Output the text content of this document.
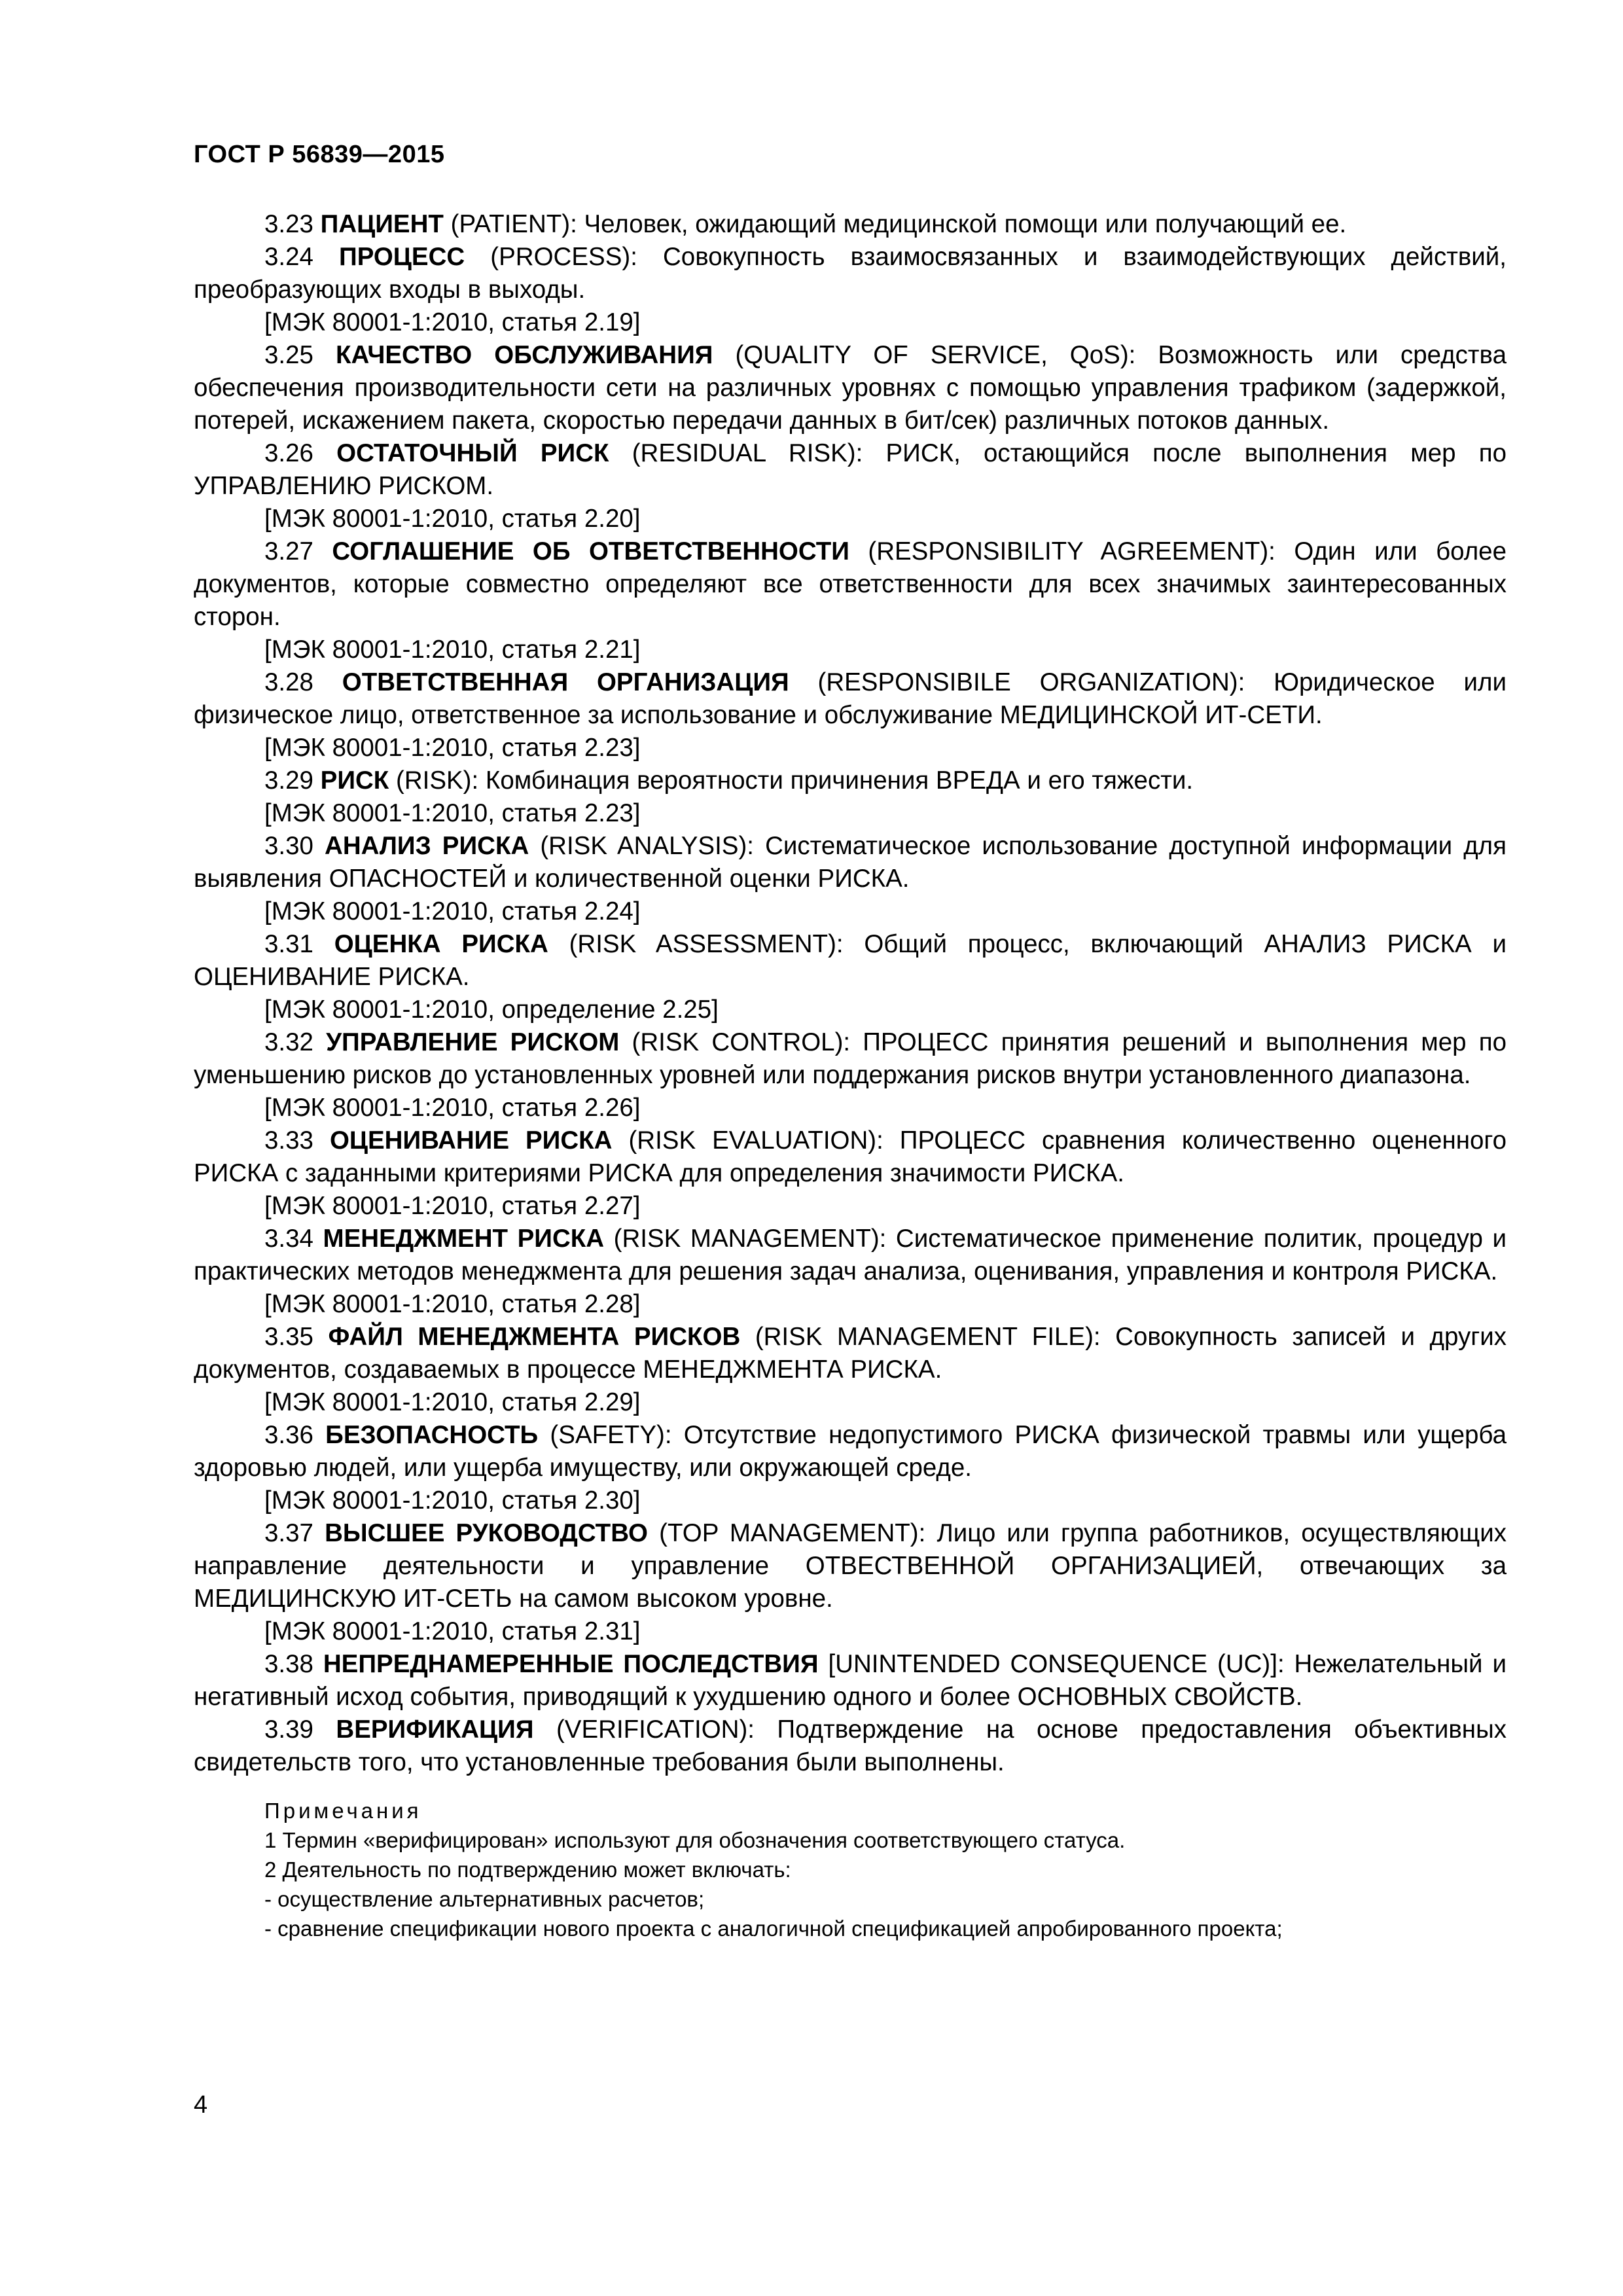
ГОСТ Р 56839—2015

3.23 ПАЦИЕНТ (PATIENT): Человек, ожидающий медицинской помощи или получающий ее.

3.24 ПРОЦЕСС (PROCESS): Совокупность взаимосвязанных и взаимодействующих действий, преобразующих входы в выходы.

[МЭК 80001-1:2010, статья 2.19]

3.25 КАЧЕСТВО ОБСЛУЖИВАНИЯ (QUALITY OF SERVICE, QoS): Возможность или средства обеспечения производительности сети на различных уровнях с помощью управления трафиком (задержкой, потерей, искажением пакета, скоростью передачи данных в бит/сек) различных потоков данных.

3.26 ОСТАТОЧНЫЙ РИСК (RESIDUAL RISK): РИСК, остающийся после выполнения мер по УПРАВЛЕНИЮ РИСКОМ.

[МЭК 80001-1:2010, статья 2.20]

3.27 СОГЛАШЕНИЕ ОБ ОТВЕТСТВЕННОСТИ (RESPONSIBILITY AGREEMENT): Один или более документов, которые совместно определяют все ответственности для всех значимых заинтересованных сторон.

[МЭК 80001-1:2010, статья 2.21]

3.28 ОТВЕТСТВЕННАЯ ОРГАНИЗАЦИЯ (RESPONSIBILE ORGANIZATION): Юридическое или физическое лицо, ответственное за использование и обслуживание МЕДИЦИНСКОЙ ИТ-СЕТИ.

[МЭК 80001-1:2010, статья 2.23]

3.29 РИСК (RISK): Комбинация вероятности причинения ВРЕДА и его тяжести.

[МЭК 80001-1:2010, статья 2.23]

3.30 АНАЛИЗ РИСКА (RISK ANALYSIS): Систематическое использование доступной информации для выявления ОПАСНОСТЕЙ и количественной оценки РИСКА.

[МЭК 80001-1:2010, статья 2.24]

3.31 ОЦЕНКА РИСКА (RISK ASSESSMENT): Общий процесс, включающий АНАЛИЗ РИСКА и ОЦЕНИВАНИЕ РИСКА.

[МЭК 80001-1:2010, определение 2.25]

3.32 УПРАВЛЕНИЕ РИСКОМ (RISK CONTROL): ПРОЦЕСС принятия решений и выполнения мер по уменьшению рисков до установленных уровней или поддержания рисков внутри установленного диапазона.

[МЭК 80001-1:2010, статья 2.26]

3.33 ОЦЕНИВАНИЕ РИСКА (RISK EVALUATION): ПРОЦЕСС сравнения количественно оцененного РИСКА с заданными критериями РИСКА для определения значимости РИСКА.

[МЭК 80001-1:2010, статья 2.27]

3.34 МЕНЕДЖМЕНТ РИСКА (RISK MANAGEMENT): Систематическое применение политик, процедур и практических методов менеджмента для решения задач анализа, оценивания, управления и контроля РИСКА.

[МЭК 80001-1:2010, статья 2.28]

3.35 ФАЙЛ МЕНЕДЖМЕНТА РИСКОВ (RISK MANAGEMENT FILE): Совокупность записей и других документов, создаваемых в процессе МЕНЕДЖМЕНТА РИСКА.

[МЭК 80001-1:2010, статья 2.29]

3.36 БЕЗОПАСНОСТЬ (SAFETY): Отсутствие недопустимого РИСКА физической травмы или ущерба здоровью людей, или ущерба имуществу, или окружающей среде.

[МЭК 80001-1:2010, статья 2.30]

3.37 ВЫСШЕЕ РУКОВОДСТВО (TOP MANAGEMENT): Лицо или группа работников, осуществляющих направление деятельности и управление ОТВЕСТВЕННОЙ ОРГАНИЗАЦИЕЙ, отвечающих за МЕДИЦИНСКУЮ ИТ-СЕТЬ на самом высоком уровне.

[МЭК 80001-1:2010, статья 2.31]

3.38 НЕПРЕДНАМЕРЕННЫЕ ПОСЛЕДСТВИЯ [UNINTENDED CONSEQUENCE (UC)]: Нежелательный и негативный исход события, приводящий к ухудшению одного и более ОСНОВНЫХ СВОЙСТВ.

3.39 ВЕРИФИКАЦИЯ (VERIFICATION): Подтверждение на основе предоставления объективных свидетельств того, что установленные требования были выполнены.

Примечания

1 Термин «верифицирован» используют для обозначения соответствующего статуса.

2 Деятельность по подтверждению может включать:

- осуществление альтернативных расчетов;

- сравнение спецификации нового проекта с аналогичной спецификацией апробированного проекта;

4
